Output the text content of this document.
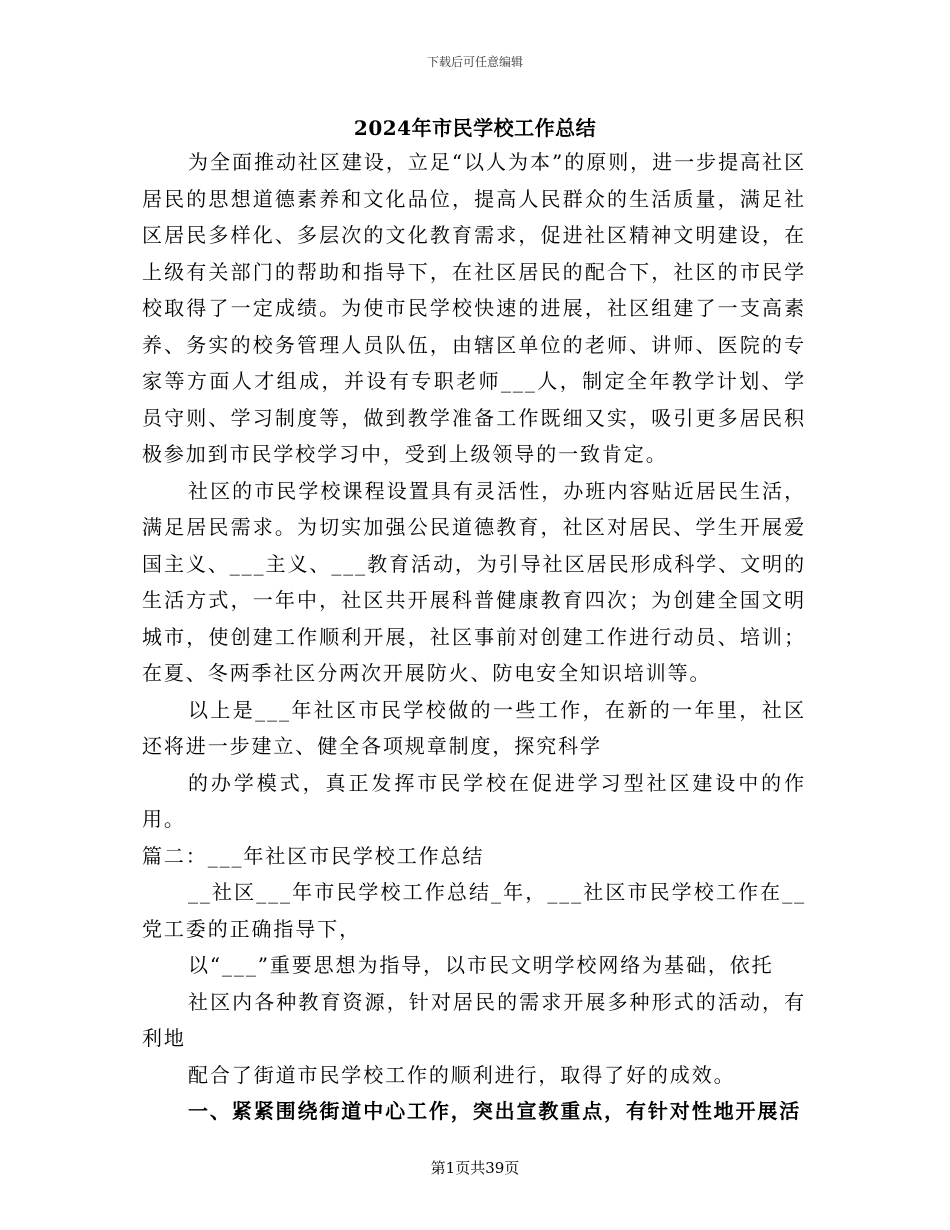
下载后可任意编辑
2024年市民学校工作总结

为全面推动社区建设，立足“以人为本”的原则，进一步提高社区居民的思想道德素养和文化品位，提高人民群众的生活质量，满足社区居民多样化、多层次的文化教育需求，促进社区精神文明建设，在上级有关部门的帮助和指导下，在社区居民的配合下，社区的市民学校取得了一定成绩。为使市民学校快速的进展，社区组建了一支高素养、务实的校务管理人员队伍，由辖区单位的老师、讲师、医院的专家等方面人才组成，并设有专职老师___人，制定全年教学计划、学员守则、学习制度等，做到教学准备工作既细又实，吸引更多居民积极参加到市民学校学习中，受到上级领导的一致肯定。

社区的市民学校课程设置具有灵活性，办班内容贴近居民生活，满足居民需求。为切实加强公民道德教育，社区对居民、学生开展爱国主义、___主义、___教育活动，为引导社区居民形成科学、文明的生活方式，一年中，社区共开展科普健康教育四次；为创建全国文明城市，使创建工作顺利开展，社区事前对创建工作进行动员、培训；在夏、冬两季社区分两次开展防火、防电安全知识培训等。

以上是___年社区市民学校做的一些工作，在新的一年里，社区还将进一步建立、健全各项规章制度，探究科学

的办学模式，真正发挥市民学校在促进学习型社区建设中的作用。

篇二：___年社区市民学校工作总结

__社区___年市民学校工作总结_年，___社区市民学校工作在__党工委的正确指导下，

以“___”重要思想为指导，以市民文明学校网络为基础，依托

社区内各种教育资源，针对居民的需求开展多种形式的活动，有利地

配合了街道市民学校工作的顺利进行，取得了好的成效。

一、紧紧围绕街道中心工作，突出宣教重点，有针对性地开展活

第1页共39页
